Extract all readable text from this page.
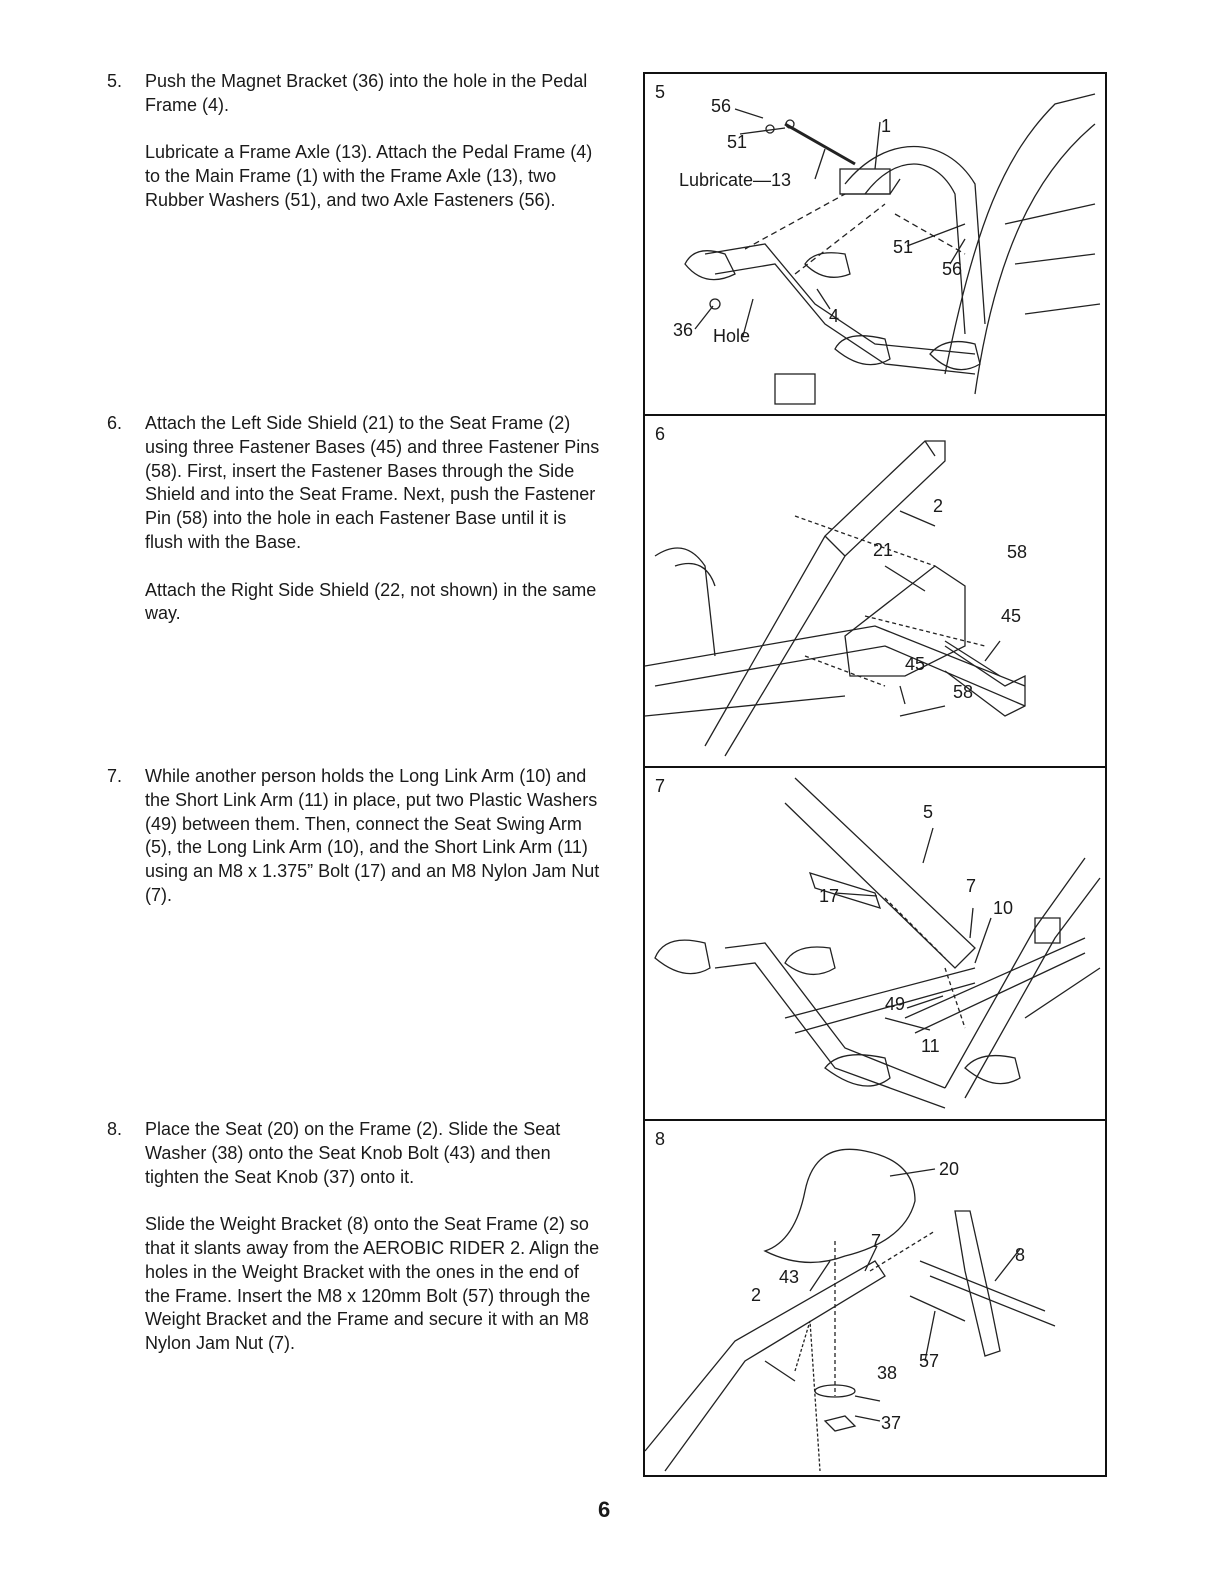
5. Push the Magnet Bracket (36) into the hole in the Pedal Frame (4).

Lubricate a Frame Axle (13). Attach the Pedal Frame (4) to the Main Frame (1) with the Frame Axle (13), two Rubber Washers (51), and two Axle Fasteners (56).

6. Attach the Left Side Shield (21) to the Seat Frame (2) using three Fastener Bases (45) and three Fastener Pins (58). First, insert the Fastener Bases through the Side Shield and into the Seat Frame. Next, push the Fastener Pin (58) into the hole in each Fastener Base until it is flush with the Base.

Attach the Right Side Shield (22, not shown) in the same way.

7. While another person holds the Long Link Arm (10) and the Short Link Arm (11) in place, put two Plastic Washers (49) between them. Then, connect the Seat Swing Arm (5), the Long Link Arm (10), and the Short Link Arm (11) using an M8 x 1.375” Bolt (17) and an M8 Nylon Jam Nut (7).

8. Place the Seat (20) on the Frame (2). Slide the Seat Washer (38) onto the Seat Knob Bolt (43) and then tighten the Seat Knob (37) onto it.

Slide the Weight Bracket (8) onto the Seat Frame (2) so that it slants away from the AEROBIC RIDER 2. Align the holes in the Weight Bracket with the ones in the end of the Frame. Insert the M8 x 120mm Bolt (57) through the Weight Bracket and the Frame and secure it with an M8 Nylon Jam Nut (7).

5
56
51
1
Lubricate—13
51
56
4
36 Hole
6
2
21	58
45
45
58
7
5
17	7
10
49
11
8
20
7
8
43
2
57
38
37
6
